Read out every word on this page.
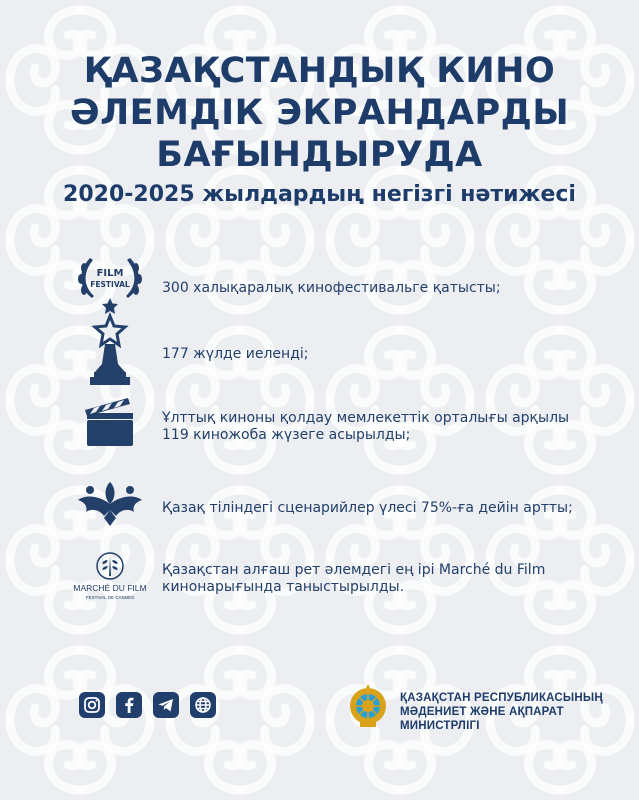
ҚАЗАҚСТАНДЫҚ КИНО
ӘЛЕМДІК ЭКРАНДАРДЫ
БАҒЫНДЫРУДА
2020-2025 жылдардың негізгі нәтижесі
FILM
FESTIVAL 300 халықаралық кинофестивальге қатысты;
177 жүлде иеленді;
Ұлттық киноны қолдау мемлекеттік орталығы арқылы
119 киножоба жүзеге асырылды;
Қазақ тіліндегі сценарийлер үлесі 75%-ға дейін артты;
MARCHÉ DU FILM
FESTIVAL DE CANNES
Қазақстан алғаш рет әлемдегі ең ірі Marché du Film
кинонарығында таныстырылды.
ҚАЗАҚСТАН РЕСПУБЛИКАСЫНЫҢ
МӘДЕНИЕТ ЖӘНЕ АҚПАРАТ МИНИСТРЛІГІ
